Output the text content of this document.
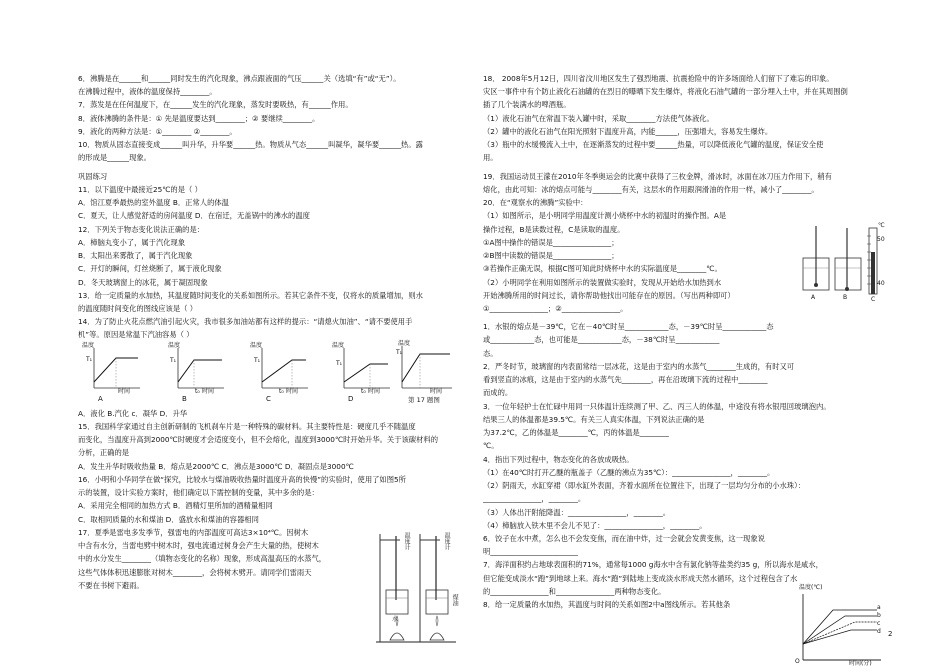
6．沸腾是在______和______同时发生的汽化现象，沸点跟液面的气压______关（选填“有”或“无”）。
在沸腾过程中，液体的温度保持________。
7．蒸发是在任何温度下，在______发生的汽化现象，蒸发时要吸热，有______作用。
8．液体沸腾的条件是：① 先是温度要达到________；② 要继续________。
9．液化的两种方法是：①________ ②________。
10．物质从固态直接变成______叫升华，升华要______热。物质从气态______叫凝华，凝华要______热。露
的形成是______现象。
巩固练习
11．以下温度中最接近25℃的是（ ）
A．馆江夏季最热的室外温度 B．正常人的体温
C．夏天，让人感觉舒适的房间温度 D．在宿迁，无盖锅中的沸水的温度
12．下列关于物态变化说法正确的是：
A．樟脑丸变小了，属于汽化现象
B．太阳出来雾散了，属于汽化现象
C．开灯的瞬间，灯丝烧断了，属于液化现象
D．冬天玻璃窗上的冰花，属于凝固现象
13．给一定质量的水加热，其温度随时间变化的关系如图所示。若其它条件不变，仅将水的质量增加，则水
的温度随时间变化的图线应该是（ ）
14．为了防止火花点燃汽油引起火灾，我市很多加油站都有这样的提示：“请熄火加油”、“请不要使用手
机”等。原因是常温下汽油容易（ ）
温度	温度	温度	温度	温度
T₁	T₁	T₁	T₁
T₁
时间	时间	时间	时间	时间
t₀	t₀	t₀
A	B	C	D	第 17 题图
A．液化 B.汽化 c．凝华 D．升华
15．我国科学家通过自主创新研制的飞机刹车片是一种特殊的碳材料。其主要特性是：硬度几乎不随温度
而变化，当温度升高到2000℃时硬度才会适度变小，但不会熔化，温度到3000℃时开始升华。关于该碳材料的
分析，正确的是
A．发生升华时吸收热量 B．熔点是2000℃ C．沸点是3000℃ D．凝固点是3000℃
16．小明和小华同学在做“探究，比较水与煤油吸收热量时温度升高的快慢”的实验时，使用了如图5所
示的装置，设计实验方案时，他们确定以下需控制的变量，其中多余的是：
A．采用完全相同的加热方式 B．酒精灯里所加的酒精量相同
C．取相同质量的水和煤油 D．盛放水和煤油的容器相同
17．夏季是雷电多发季节，强雷电的内部温度可高达3×10⁴℃。因树木
中含有水分，当雷电劈中树木时，强电流通过树身会产生大量的热，使树木
中的水分发生________（填物态变化的名称）现象，形成高温高压的水蒸气，
这些气体体积迅速膨胀对树木________，会将树木劈开。请同学们雷雨天
不要在书树下避雨。
温度计
水
温度计
煤油
18． 2008年5月12日，四川省汶川地区发生了强烈地震、抗震抢险中的许多场面给人们留下了难忘的印象。
灾区一事件中有个防止液化石油罐的在烈日的曝晒下发生爆炸，将液化石油气罐的一部分埋入土中，并在其周围倒
插了几个装满水的啤酒瓶。
（1）液化石油气在常温下装入罐中时，采取________方法使气体液化。
（2）罐中的液化石油气在阳光照射下温度升高，内能______，压强增大，容易发生爆炸。
（3）瓶中的水缓慢流入土中，在逐渐蒸发的过程中要______热量，可以降低液化气罐的温度，保证安全使
用。
19．我国运动员王濛在2010年冬季奥运会的比赛中获得了三枚金牌，滑冰时，冰面在冰刀压力作用下，稍有
熔化，由此可知：冰的熔点可能与________有关，这层水的作用跟润滑油的作用一样，减小了________。
20．在“观察水的沸腾”实验中：
（1）如图所示，是小明同学用温度计测小烧杯中水的初温时的操作图。A是
操作过程，B是读数过程，C是读取的温度。
①A图中操作的错误是________________；
②B图中读数的错误是________________；
③若操作正确无误，根据C图可知此时烧杯中水的实际温度是________℃。
（2）小明同学在利用如图所示的装置做实验时，发现从开始给水加热到水
开始沸腾所用的时间过长，请你帮助他找出可能存在的原因。（写出两种即可）
①________________；②________________。
1．水银的熔点是－39℃，它在－40℃时呈____________态，－39℃时呈____________态
或____________态，也可能是____________态，－38℃时呈____________
态。
2．严冬时节，玻璃窗的内表面常结一层冰花，这是由于室内的水蒸气________生成的，有时又可
看到竖直的冰痕，这是由于室内的水蒸气先________，再在沿玻璃下流的过程中________
而成的。
3．一位年轻护士在忙碌中用同一只体温计连续测了甲、乙、丙三人的体温，中途没有将水银甩回玻璃泡内。
结果三人的体温都是39.5℃。有关三人真实体温，下列说法正确的是
为37.2℃，乙的体温是________℃，丙的体温是________
℃。
4．指出下列过程中，物态变化的各放成吸热。
（1）在40℃时打开乙醚的瓶盖子（乙醚的沸点为35℃）：________________，________。
（2）阴雨天，水缸穿裙（即水缸外表面，齐着水面所在位置往下，出现了一层均匀分布的小水珠）：
________________，________。
（3）人体出汗附能降温：________________，________。
（4）樟脑放入铁木里不会儿不见了：________________，________。
6．饺子在水中煮，怎么也不会发变焦，而在油中炸，过一会就会发黄变焦，这一现象说
明________________________
7．海洋面积约占地球表面积的71%，通常每1000 g海水中含有氯化钠等盐类约35 g，所以海水是咸水，
但它能变成淡水“跑”到地球上来。海水“跑”到陆地上变成淡水形成天然水循环，这个过程包含了水
的________________和________________两种物态变化。
8．给一定质量的水加热，其温度与时间的关系如图2中a图线所示。若其他条
A	B	C
50
40
℃
温度(℃)
时间(分)
O
a
b
c
d 2
